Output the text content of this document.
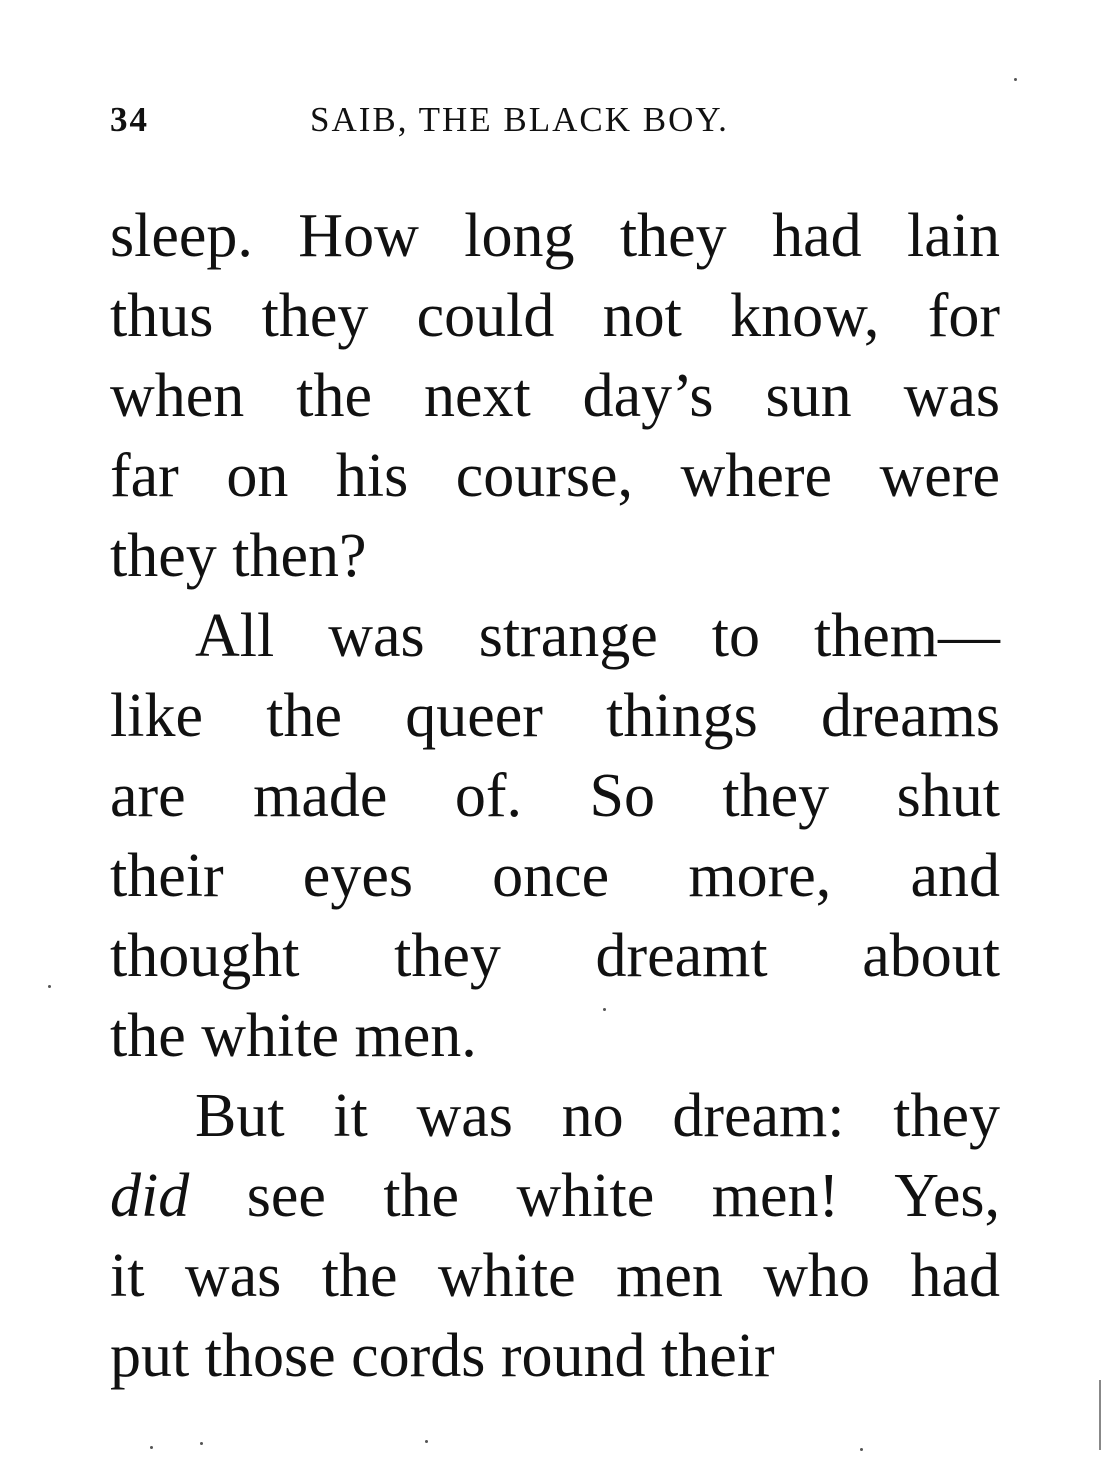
34	SAIB, THE BLACK BOY.
sleep. How long they had lain
thus they could not know, for
when the next day’s sun was
far on his course, where were
they then?
All was strange to them—
like the queer things dreams
are made of. So they shut
their eyes once more, and
thought they dreamt about
the white men.
But it was no dream: they
did see the white men! Yes,
it was the white men who had
put those cords round their
